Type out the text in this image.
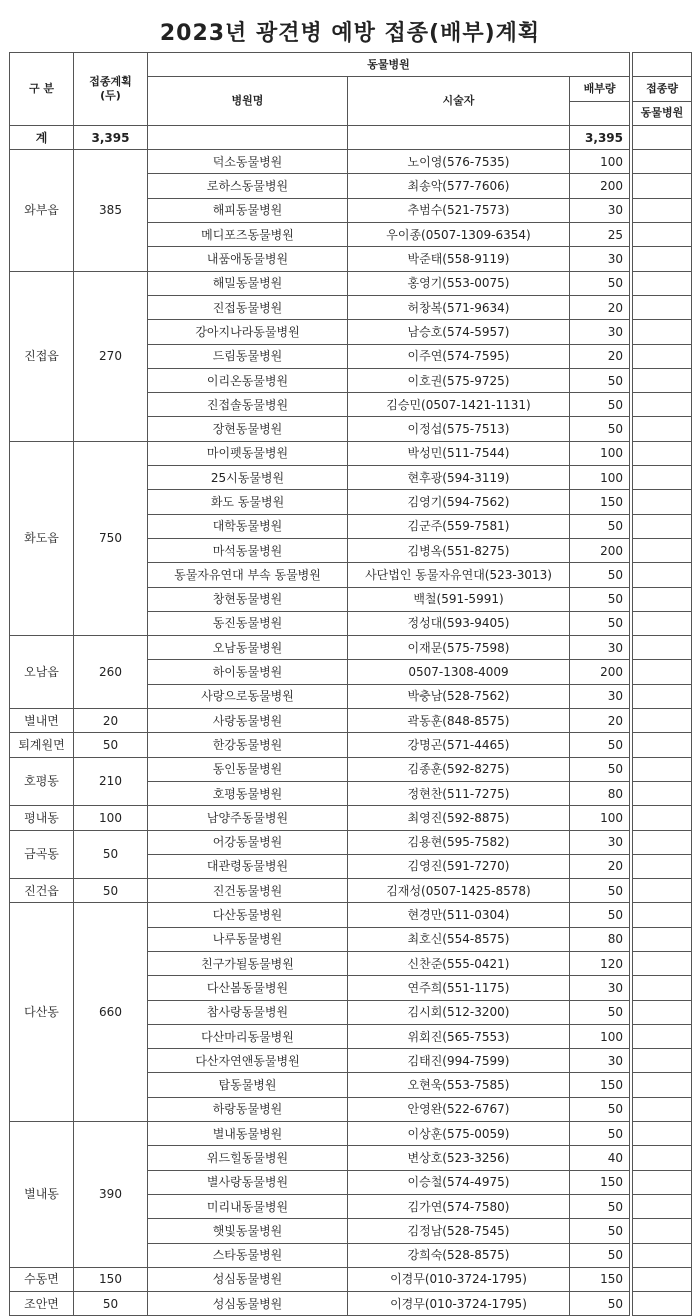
2023년 광견병 예방 접종(배부)계획
구 분	접종계획
(두)	동물병원				
		병원명	시술자	배부량		접종량
						동물병원
계	3,395			3,395		
와부읍	385	덕소동물병원	노이영(576-7535)	100		
		로하스동물병원	최송악(577-7606)	200		
		해피동물병원	추범수(521-7573)	30		
		메디포즈동물병원	우이종(0507-1309-6354)	25		
		내품애동물병원	박준태(558-9119)	30		
진접읍	270	해밀동물병원	홍영기(553-0075)	50		
		진접동물병원	허창복(571-9634)	20		
		강아지나라동물병원	남승호(574-5957)	30		
		드림동물병원	이주연(574-7595)	20		
		이리온동물병원	이호권(575-9725)	50		
		진접솔동물병원	김승민(0507-1421-1131)	50		
		장현동물병원	이정섭(575-7513)	50		
화도읍	750	마이펫동물병원	박성민(511-7544)	100		
		25시동물병원	현후광(594-3119)	100		
		화도 동물병원	김영기(594-7562)	150		
		대학동물병원	김군주(559-7581)	50		
		마석동물병원	김병옥(551-8275)	200		
		동물자유연대 부속 동물병원	사단법인 동물자유연대(523-3013)	50		
		창현동물병원	백철(591-5991)	50		
		동진동물병원	정성대(593-9405)	50		
오남읍	260	오남동물병원	이재문(575-7598)	30		
		하이동물병원	0507-1308-4009	200		
		사랑으로동물병원	박충남(528-7562)	30		
별내면	20	사랑동물병원	곽동훈(848-8575)	20		
퇴계원면	50	한강동물병원	강명곤(571-4465)	50		
호평동	210	동인동물병원	김종훈(592-8275)	50		
		호평동물병원	정현찬(511-7275)	80		
평내동	100	남양주동물병원	최영진(592-8875)	100		
금곡동	50	어강동물병원	김용현(595-7582)	30		
		대관령동물병원	김영진(591-7270)	20		
진건읍	50	진건동물병원	김재성(0507-1425-8578)	50		
다산동	660	다산동물병원	현경만(511-0304)	50		
		나루동물병원	최호신(554-8575)	80		
		친구가될동물병원	신찬준(555-0421)	120		
		다산봄동물병원	연주희(551-1175)	30		
		참사랑동물병원	김시회(512-3200)	50		
		다산마리동물병원	위회진(565-7553)	100		
		다산자연앤동물병원	김태진(994-7599)	30		
		탑동물병원	오현욱(553-7585)	150		
		하랑동물병원	안영완(522-6767)	50		
별내동	390	별내동물병원	이상훈(575-0059)	50		
		위드힐동물병원	변상호(523-3256)	40		
		별사랑동물병원	이승철(574-4975)	150		
		미리내동물병원	김가연(574-7580)	50		
		햇빛동물병원	김정남(528-7545)	50		
		스타동물병원	강희숙(528-8575)	50		
수동면	150	성심동물병원	이경무(010-3724-1795)	150		
조안면	50	성심동물병원	이경무(010-3724-1795)	50		
